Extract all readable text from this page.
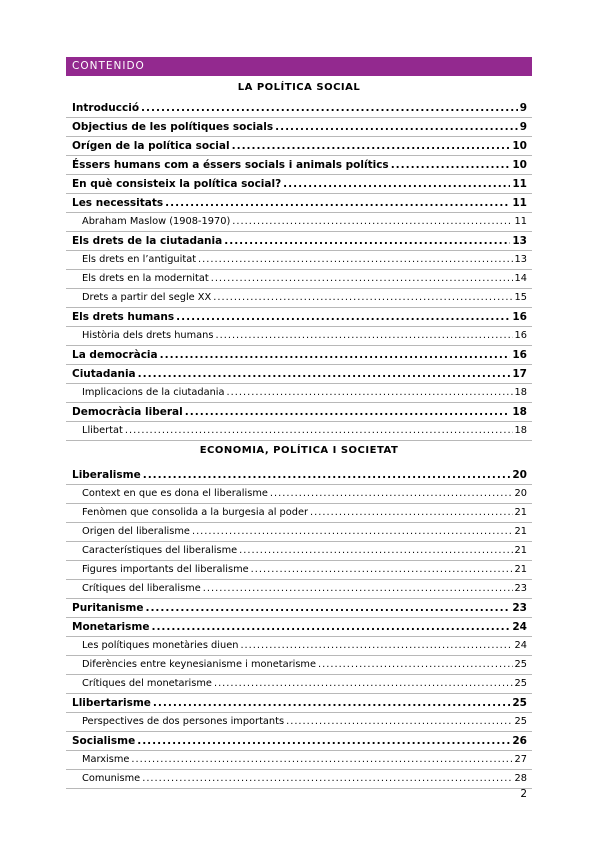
CONTENIDO
LA POLÍTICA SOCIAL
Introducció .....	9
Objectius de les polítiques socials .....	9
Orígen de la política social .....	10
Éssers humans com a éssers socials i animals polítics .....	10
En què consisteix la política social? .....	11
Les necessitats .....	11
Abraham Maslow (1908-1970) .....	11
Els drets de la ciutadania .....	13
Els drets en l’antiguitat .....	13
Els drets en la modernitat .....	14
Drets a partir del segle XX .....	15
Els drets humans .....	16
Història dels drets humans .....	16
La democràcia .....	16
Ciutadania .....	17
Implicacions de la ciutadania .....	18
Democràcia liberal .....	18
Llibertat .....	18
ECONOMIA, POLÍTICA I SOCIETAT
Liberalisme .....	20
Context en que es dona el liberalisme .....	20
Fenòmen que consolida a la burgesia al poder .....	21
Origen del liberalisme .....	21
Característiques del liberalisme .....	21
Figures importants del liberalisme .....	21
Crítiques del liberalisme .....	23
Puritanisme .....	23
Monetarisme .....	24
Les polítiques monetàries diuen .....	24
Diferències entre keynesianisme i monetarisme .....	25
Crítiques del monetarisme .....	25
Llibertarisme .....	25
Perspectives de dos persones importants .....	25
Socialisme .....	26
Marxisme .....	27
Comunisme .....	28
2
